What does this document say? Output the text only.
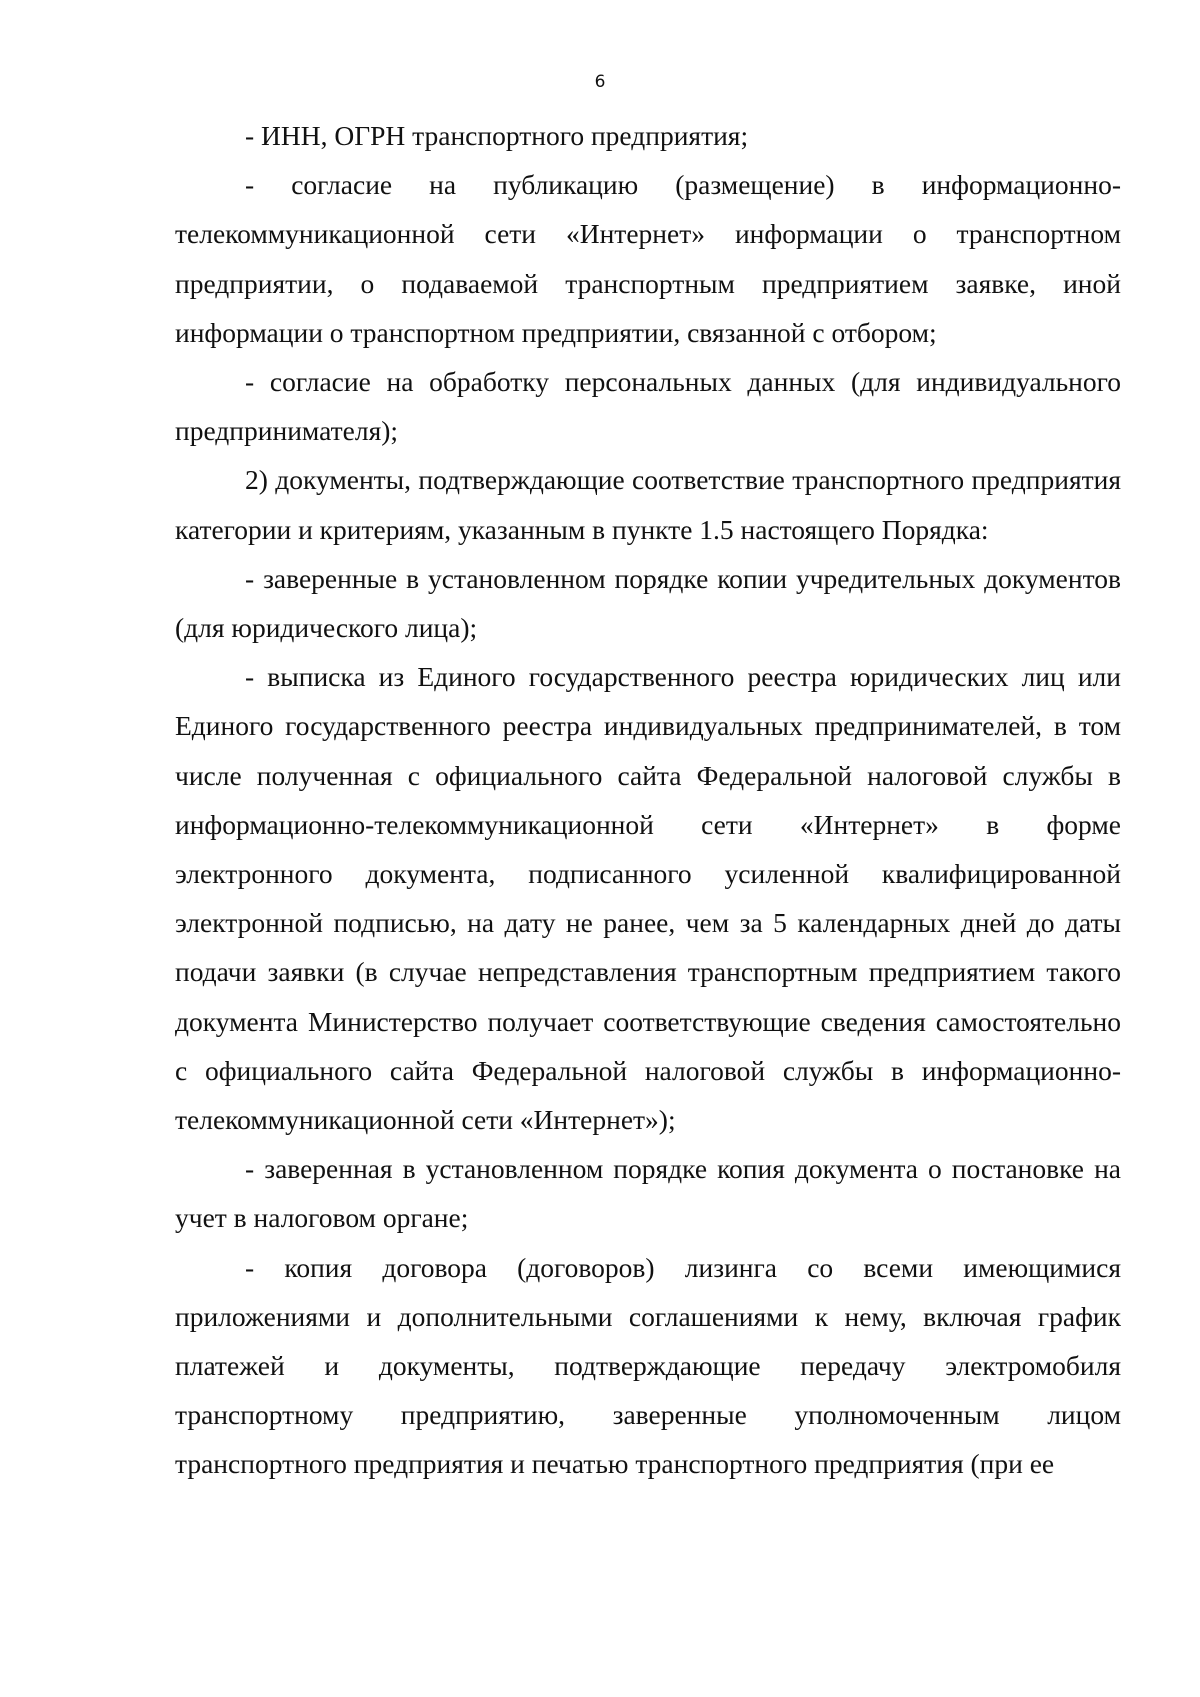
6

- ИНН, ОГРН транспортного предприятия;

- согласие на публикацию (размещение) в информационно-телекоммуникационной сети «Интернет» информации о транспортном предприятии, о подаваемой транспортным предприятием заявке, иной информации о транспортном предприятии, связанной с отбором;

- согласие на обработку персональных данных (для индивидуального предпринимателя);

2) документы, подтверждающие соответствие транспортного предприятия категории и критериям, указанным в пункте 1.5 настоящего Порядка:

- заверенные в установленном порядке копии учредительных документов (для юридического лица);

- выписка из Единого государственного реестра юридических лиц или Единого государственного реестра индивидуальных предпринимателей, в том числе полученная с официального сайта Федеральной налоговой службы в информационно-телекоммуникационной сети «Интернет» в форме электронного документа, подписанного усиленной квалифицированной электронной подписью, на дату не ранее, чем за 5 календарных дней до даты подачи заявки (в случае непредставления транспортным предприятием такого документа Министерство получает соответствующие сведения самостоятельно с официального сайта Федеральной налоговой службы в информационно-телекоммуникационной сети «Интернет»);

- заверенная в установленном порядке копия документа о постановке на учет в налоговом органе;

- копия договора (договоров) лизинга со всеми имеющимися приложениями и дополнительными соглашениями к нему, включая график платежей и документы, подтверждающие передачу электромобиля транспортному предприятию, заверенные уполномоченным лицом транспортного предприятия и печатью транспортного предприятия (при ее
